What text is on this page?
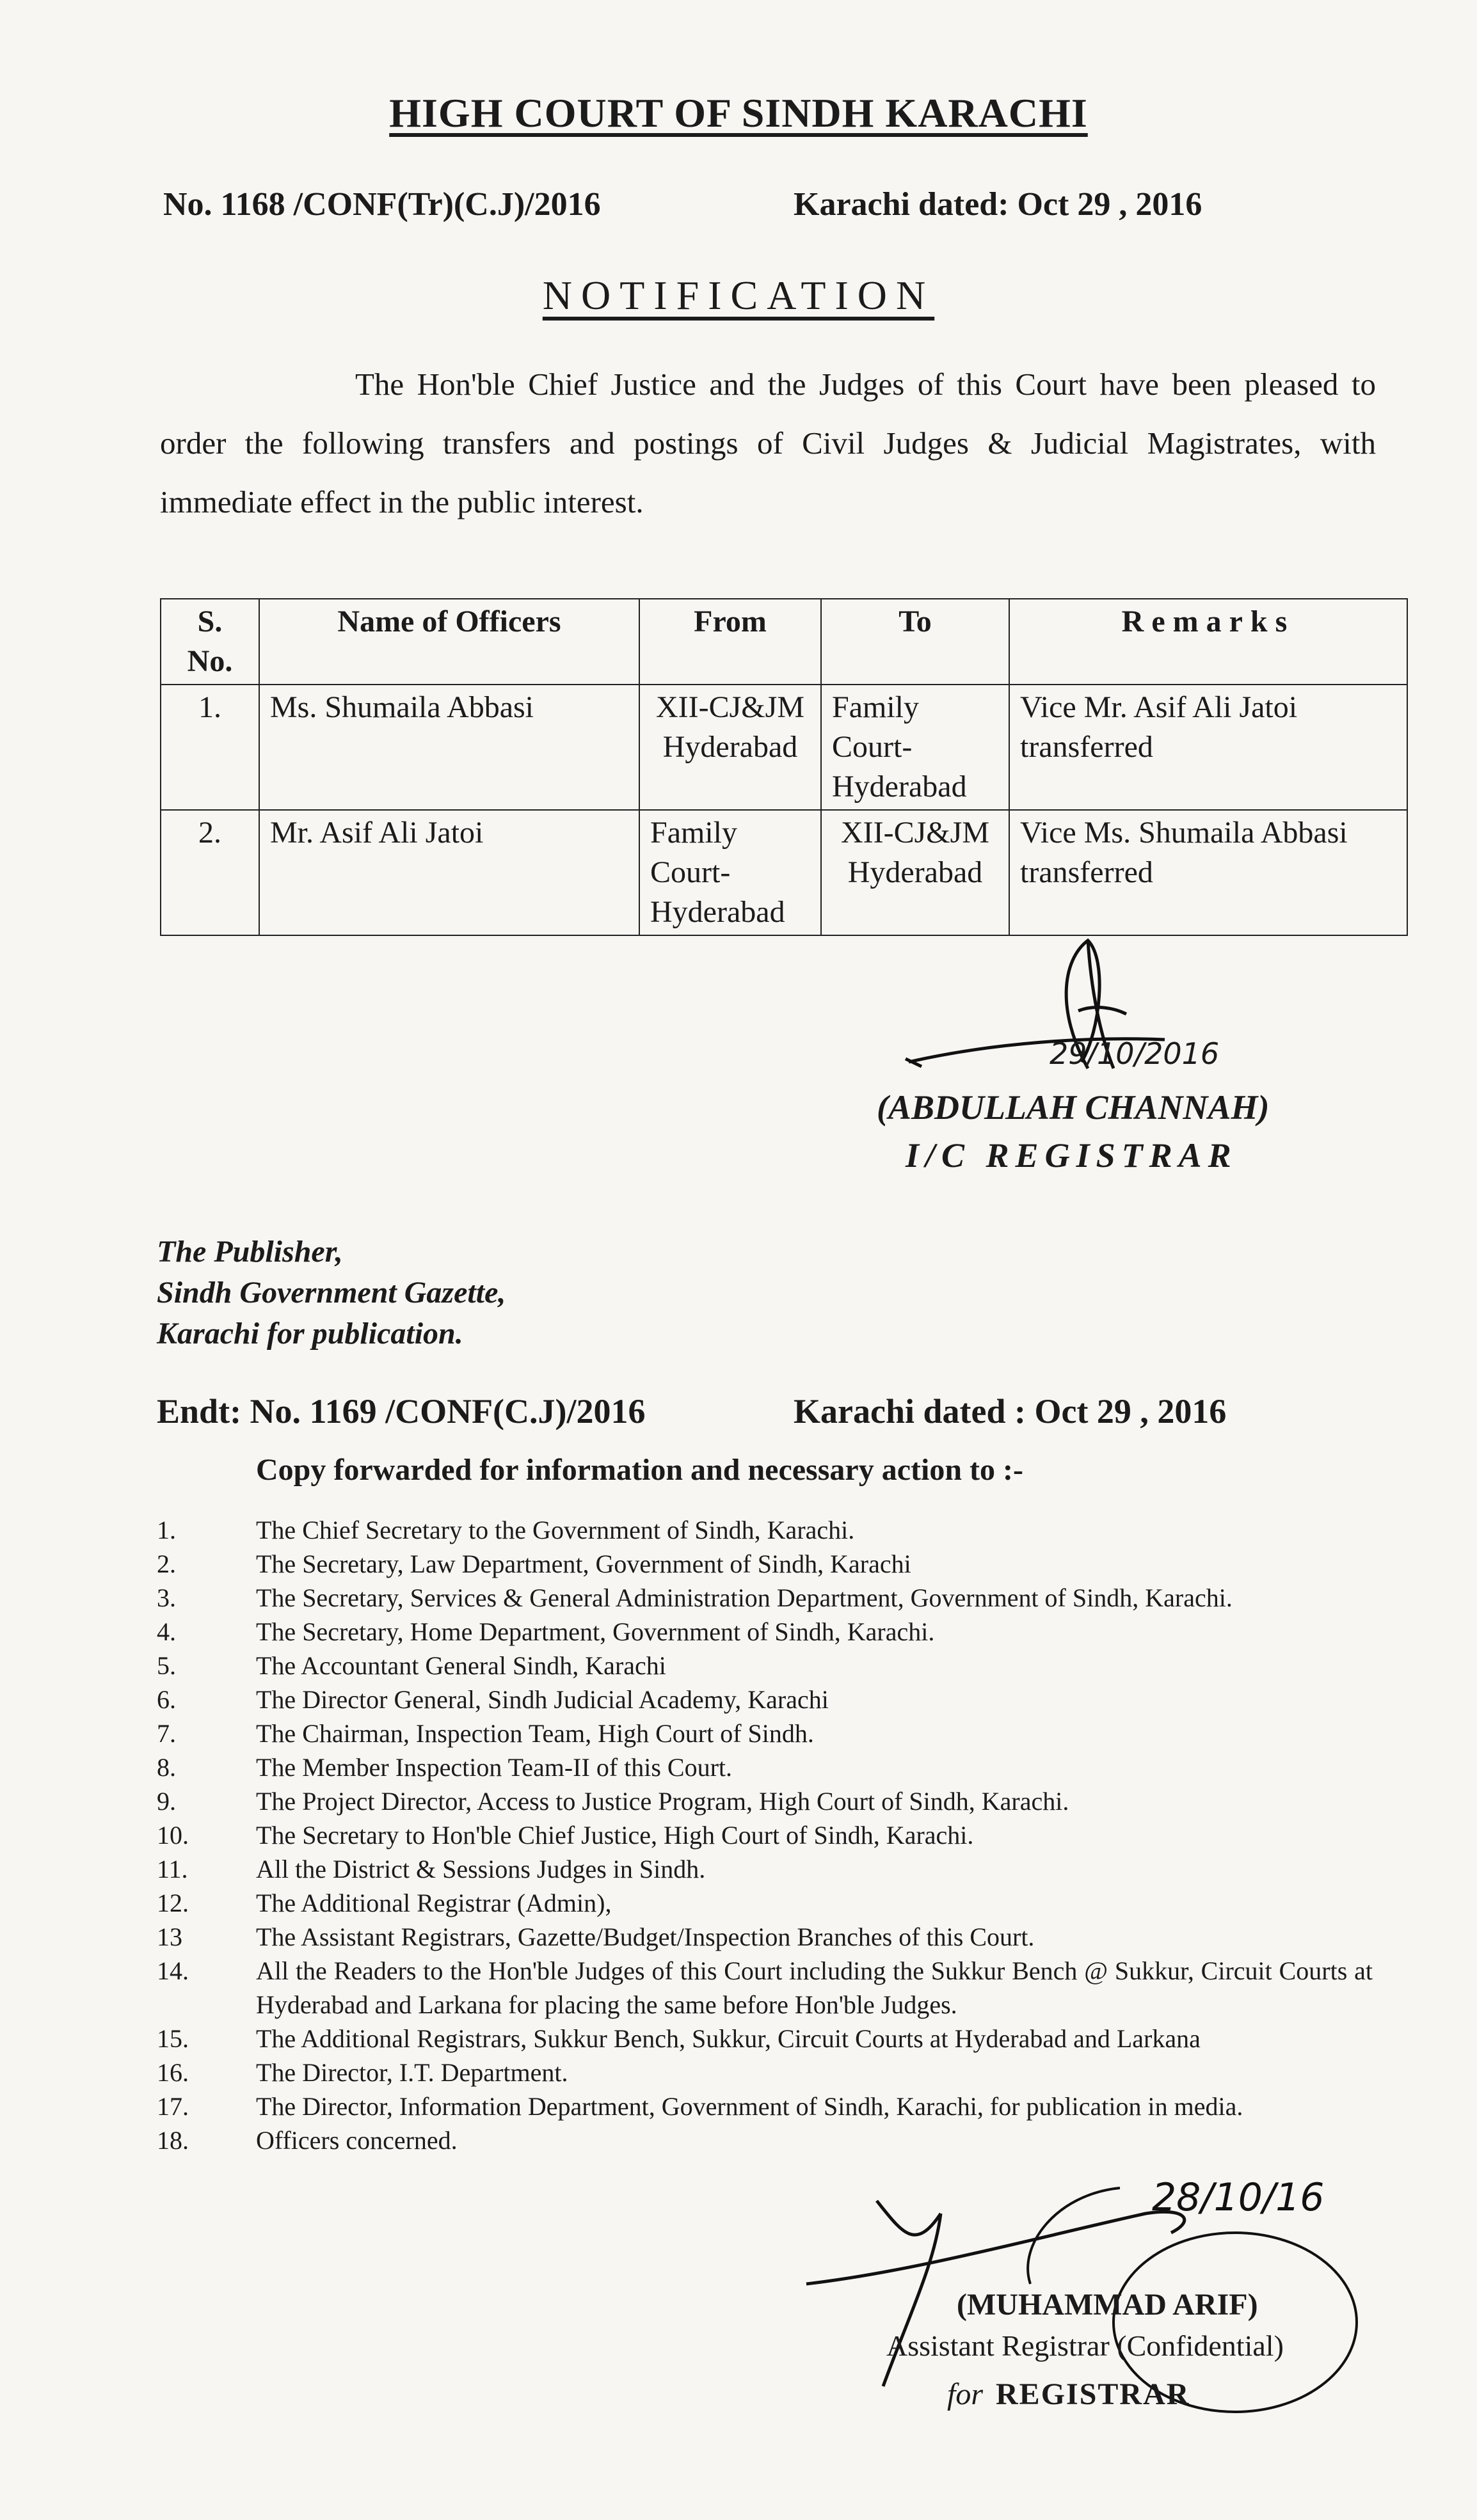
HIGH COURT OF SINDH KARACHI
No. 1168 /CONF(Tr)(C.J)/2016	Karachi dated: Oct 29 , 2016
NOTIFICATION

The Hon'ble Chief Justice and the Judges of this Court have been pleased to order the following transfers and postings of Civil Judges & Judicial Magistrates, with immediate effect in the public interest.

S. No.	Name of Officers	From	To	Remarks
1.	Ms. Shumaila Abbasi	XII-CJ&JM Hyderabad	Family Court-Hyderabad	Vice Mr. Asif Ali Jatoi transferred
2.	Mr. Asif Ali Jatoi	Family Court-Hyderabad	XII-CJ&JM Hyderabad	Vice Ms. Shumaila Abbasi transferred
29/10/2016
(ABDULLAH CHANNAH)
I/C REGISTRAR
The Publisher,
Sindh Government Gazette,
Karachi for publication.
Endt: No. 1169 /CONF(C.J)/2016	Karachi dated : Oct 29 , 2016
Copy forwarded for information and necessary action to :-
1.	The Chief Secretary to the Government of Sindh, Karachi.
2.	The Secretary, Law Department, Government of Sindh, Karachi
3.	The Secretary, Services & General Administration Department, Government of Sindh, Karachi.
4.	The Secretary, Home Department, Government of Sindh, Karachi.
5.	The Accountant General Sindh, Karachi
6.	The Director General, Sindh Judicial Academy, Karachi
7.	The Chairman, Inspection Team, High Court of Sindh.
8.	The Member Inspection Team-II of this Court.
9.	The Project Director, Access to Justice Program, High Court of Sindh, Karachi.
10.	The Secretary to Hon'ble Chief Justice, High Court of Sindh, Karachi.
11.	All the District & Sessions Judges in Sindh.
12.	The Additional Registrar (Admin),
13	The Assistant Registrars, Gazette/Budget/Inspection Branches of this Court.
14.	All the Readers to the Hon'ble Judges of this Court including the Sukkur Bench @ Sukkur, Circuit Courts at Hyderabad and Larkana for placing the same before Hon'ble Judges.
15.	The Additional Registrars, Sukkur Bench, Sukkur, Circuit Courts at Hyderabad and Larkana
16.	The Director, I.T. Department.
17.	The Director, Information Department, Government of Sindh, Karachi, for publication in media.
18.	Officers concerned.
28/10/16
(MUHAMMAD ARIF)
Assistant Registrar (Confidential)
for REGISTRAR
